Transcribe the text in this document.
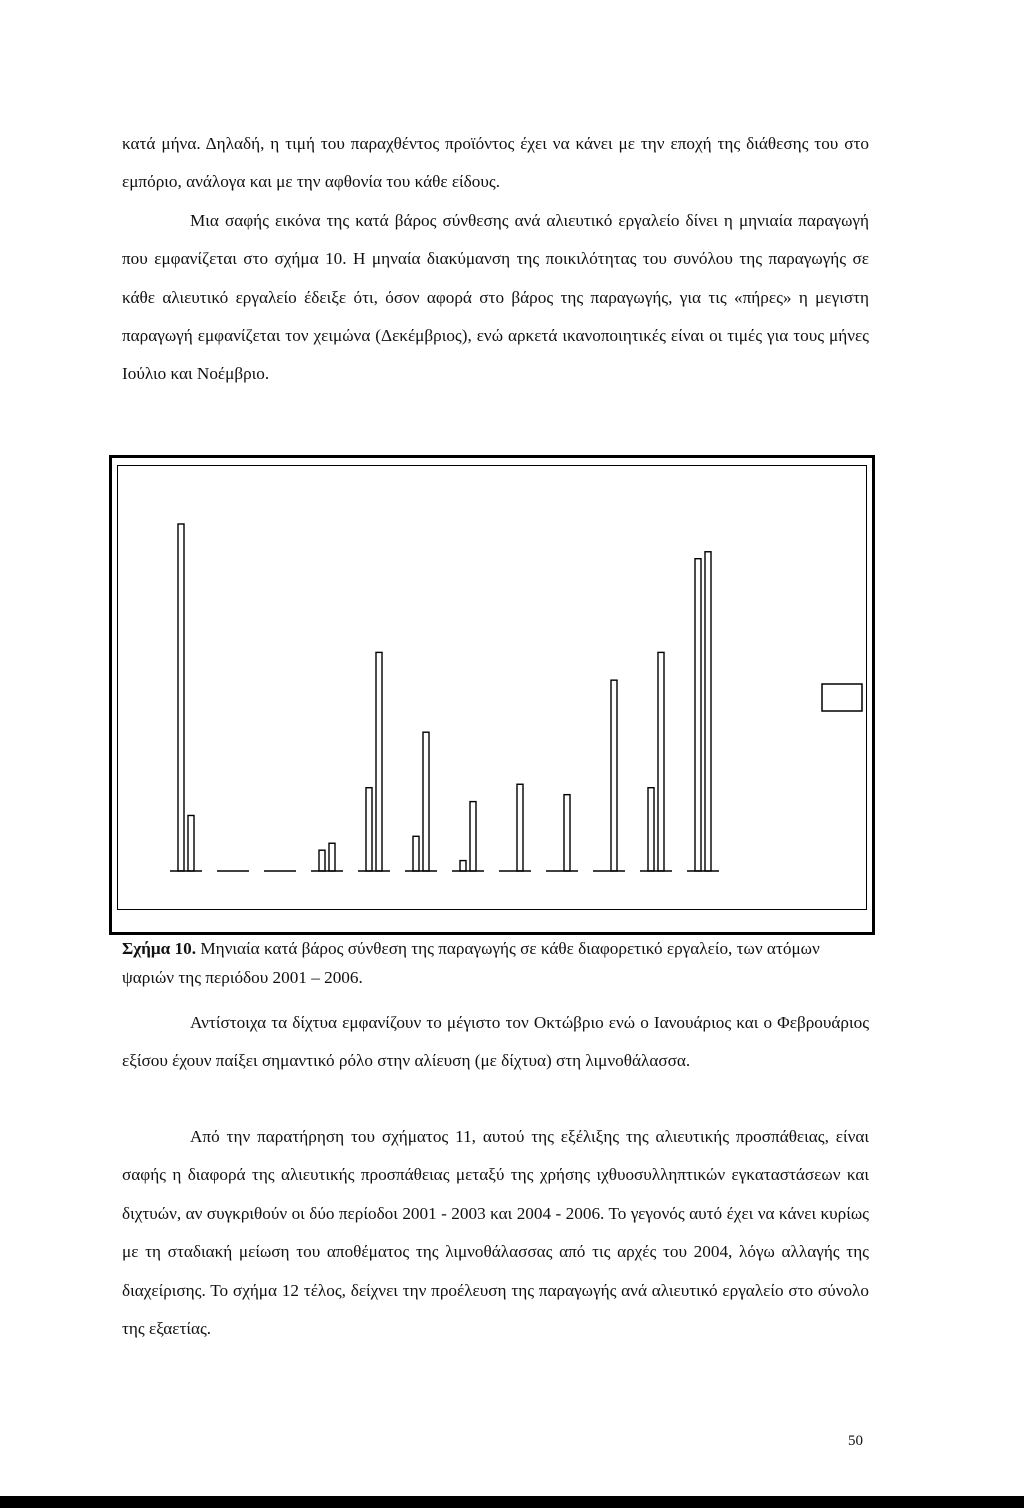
κατά μήνα. Δηλαδή, η τιμή του παραχθέντος προϊόντος έχει να κάνει με την εποχή της διάθεσης του στο εμπόριο, ανάλογα και με την αφθονία του κάθε είδους.
Μια σαφής εικόνα της κατά βάρος σύνθεσης ανά αλιευτικό εργαλείο δίνει η μηνιαία παραγωγή που εμφανίζεται στο σχήμα 10. Η μηναία διακύμανση της ποικιλότητας του συνόλου της παραγωγής σε κάθε αλιευτικό εργαλείο έδειξε ότι, όσον αφορά στο βάρος της παραγωγής, για τις «πήρες» η μεγιστη παραγωγή εμφανίζεται τον χειμώνα (Δεκέμβριος), ενώ αρκετά ικανοποιητικές είναι οι τιμές για τους μήνες Ιούλιο και Νοέμβριο.

Σχήμα 10. Μηνιαία κατά βάρος σύνθεση της παραγωγής σε κάθε διαφορετικό εργαλείο, των ατόμων ψαριών της περιόδου 2001 – 2006.

Αντίστοιχα τα δίχτυα εμφανίζουν το μέγιστο τον Οκτώβριο ενώ ο Ιανουάριος και ο Φεβρουάριος εξίσου έχουν παίξει σημαντικό ρόλο στην αλίευση (με δίχτυα) στη λιμνοθάλασσα.

Από την παρατήρηση του σχήματος 11, αυτού της εξέλιξης της αλιευτικής προσπάθειας, είναι σαφής η διαφορά της αλιευτικής προσπάθειας μεταξύ της χρήσης ιχθυοσυλληπτικών εγκαταστάσεων και διχτυών, αν συγκριθούν οι δύο περίοδοι 2001 - 2003 και 2004 - 2006. Το γεγονός αυτό έχει να κάνει κυρίως με τη σταδιακή μείωση του αποθέματος της λιμνοθάλασσας από τις αρχές του 2004, λόγω αλλαγής της διαχείρισης. Το σχήμα 12 τέλος, δείχνει την προέλευση της παραγωγής ανά αλιευτικό εργαλείο στο σύνολο της εξαετίας.

50
